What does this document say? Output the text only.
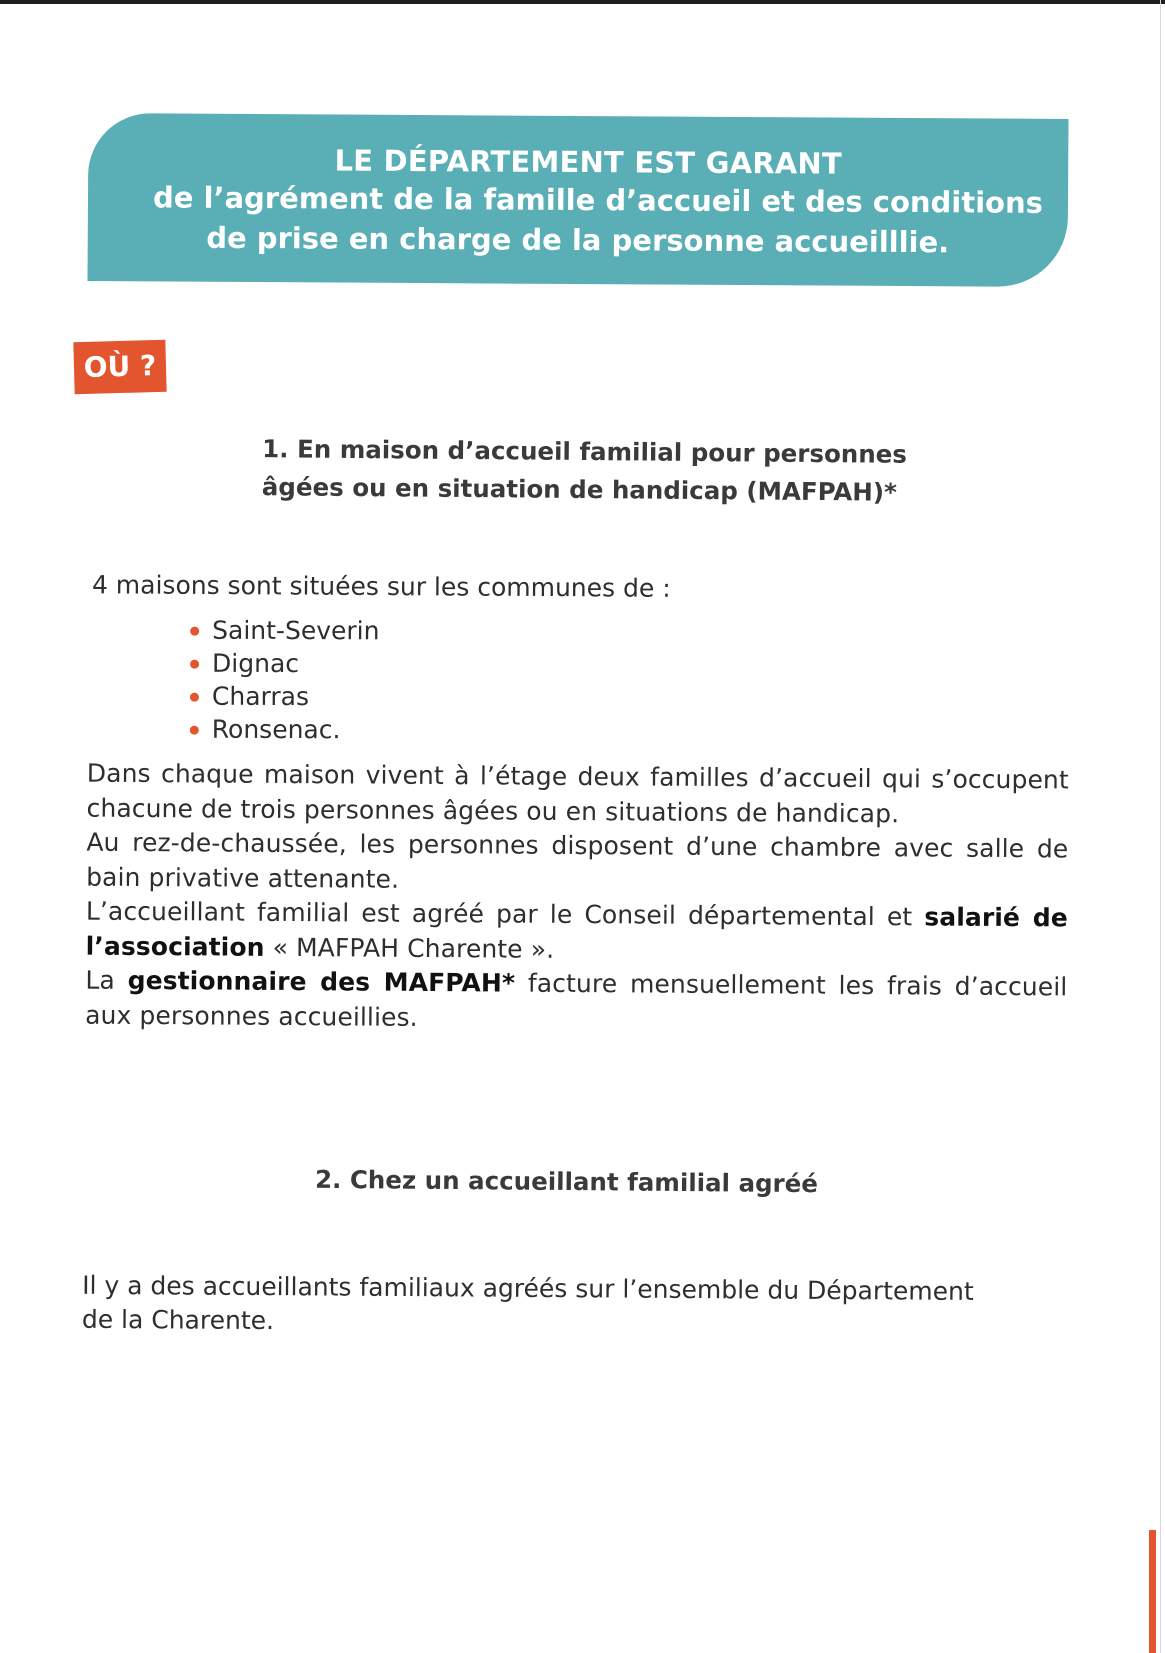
LE DÉPARTEMENT EST GARANT
de l’agrément de la famille d’accueil et des conditions
de prise en charge de la personne accueilllie.
OÙ ?
1. En maison d’accueil familial pour personnes
âgées ou en situation de handicap (MAFPAH)*
4 maisons sont situées sur les communes de :
Saint-Severin
Dignac
Charras
Ronsenac.

Dans chaque maison vivent à l’étage deux familles d’accueil qui s’occupent chacune de trois personnes âgées ou en situations de handicap.

Au rez-de-chaussée, les personnes disposent d’une chambre avec salle de bain privative attenante.

L’accueillant familial est agréé par le Conseil départemental et salarié de l’association « MAFPAH Charente ».

La gestionnaire des MAFPAH* facture mensuellement les frais d’accueil aux personnes accueillies.

2. Chez un accueillant familial agréé
Il y a des accueillants familiaux agréés sur l’ensemble du Département de la Charente.
